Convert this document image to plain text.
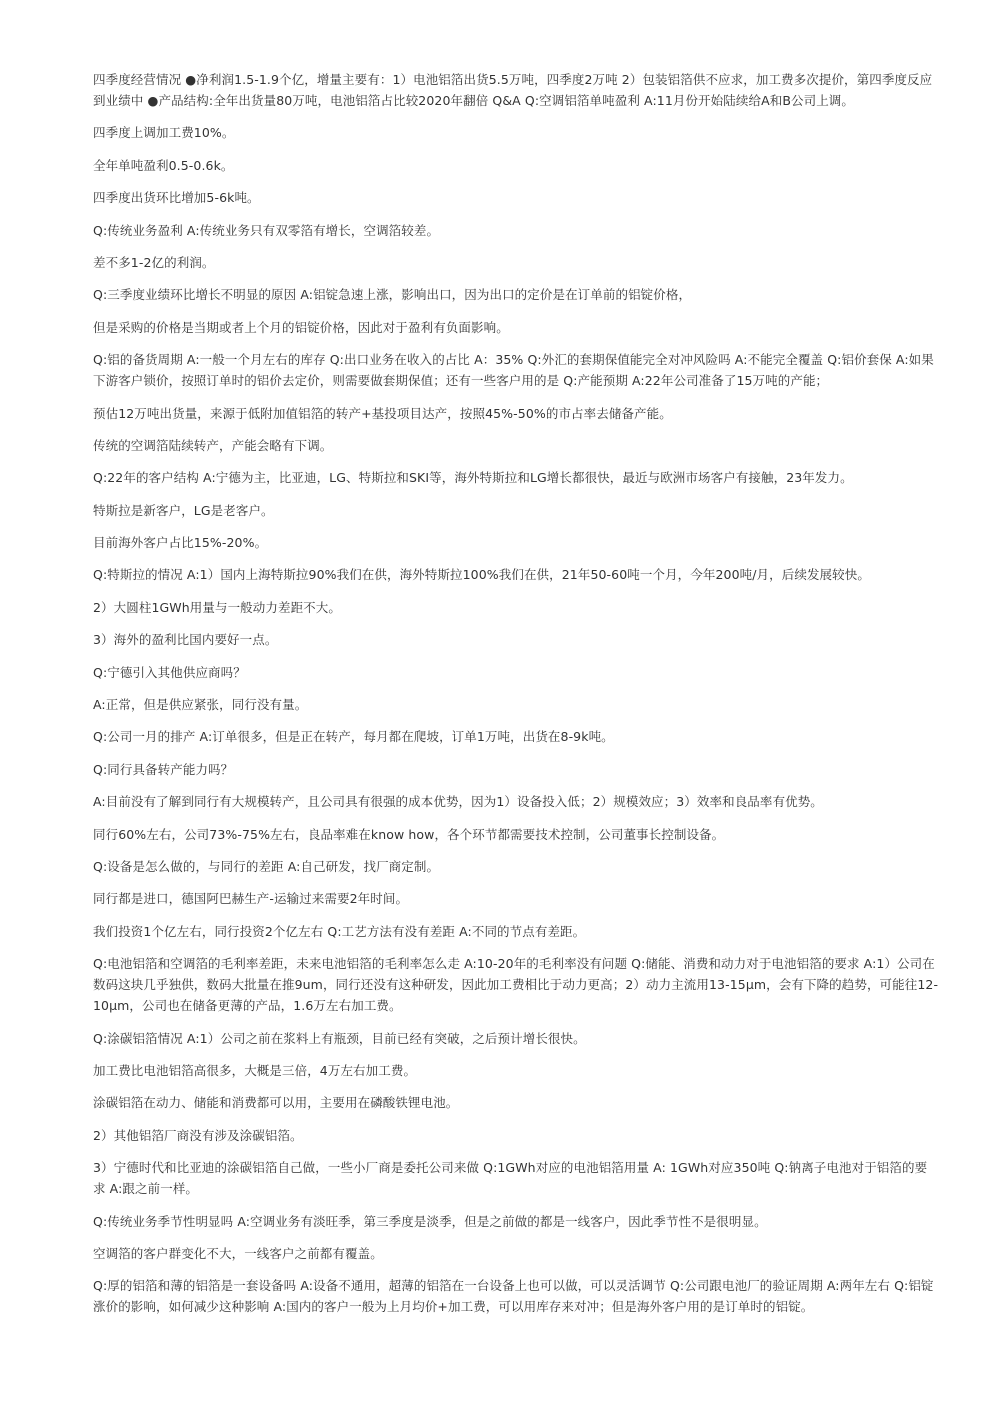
四季度经营情况 ●净利润1.5-1.9个亿，增量主要有：1）电池铝箔出货5.5万吨，四季度2万吨 2）包装铝箔供不应求，加工费多次提价，第四季度反应到业绩中 ●产品结构:全年出货量80万吨，电池铝箔占比较2020年翻倍 Q&A Q:空调铝箔单吨盈利 A:11月份开始陆续给A和B公司上调。

四季度上调加工费10%。

全年单吨盈利0.5-0.6k。

四季度出货环比增加5-6k吨。

Q:传统业务盈利 A:传统业务只有双零箔有增长，空调箔较差。

差不多1-2亿的利润。

Q:三季度业绩环比增长不明显的原因 A:铝锭急速上涨，影响出口，因为出口的定价是在订单前的铝锭价格，

但是采购的价格是当期或者上个月的铝锭价格，因此对于盈利有负面影响。

Q:铝的备货周期 A:一般一个月左右的库存 Q:出口业务在收入的占比 A：35% Q:外汇的套期保值能完全对冲风险吗 A:不能完全覆盖 Q:铝价套保 A:如果下游客户锁价，按照订单时的铝价去定价，则需要做套期保值；还有一些客户用的是 Q:产能预期 A:22年公司准备了15万吨的产能；

预估12万吨出货量，来源于低附加值铝箔的转产+基投项目达产，按照45%-50%的市占率去储备产能。

传统的空调箔陆续转产，产能会略有下调。

Q:22年的客户结构 A:宁德为主，比亚迪，LG、特斯拉和SKI等，海外特斯拉和LG增长都很快，最近与欧洲市场客户有接触，23年发力。

特斯拉是新客户，LG是老客户。

目前海外客户占比15%-20%。

Q:特斯拉的情况 A:1）国内上海特斯拉90%我们在供，海外特斯拉100%我们在供，21年50-60吨一个月，今年200吨/月，后续发展较快。

2）大圆柱1GWh用量与一般动力差距不大。

3）海外的盈利比国内要好一点。

Q:宁德引入其他供应商吗？

A:正常，但是供应紧张，同行没有量。

Q:公司一月的排产 A:订单很多，但是正在转产，每月都在爬坡，订单1万吨，出货在8-9k吨。

Q:同行具备转产能力吗？

A:目前没有了解到同行有大规模转产，且公司具有很强的成本优势，因为1）设备投入低；2）规模效应；3）效率和良品率有优势。

同行60%左右，公司73%-75%左右，良品率难在know how，各个环节都需要技术控制，公司董事长控制设备。

Q:设备是怎么做的，与同行的差距 A:自己研发，找厂商定制。

同行都是进口，德国阿巴赫生产-运输过来需要2年时间。

我们投资1个亿左右，同行投资2个亿左右 Q:工艺方法有没有差距 A:不同的节点有差距。

Q:电池铝箔和空调箔的毛利率差距，未来电池铝箔的毛利率怎么走 A:10-20年的毛利率没有问题 Q:储能、消费和动力对于电池铝箔的要求 A:1）公司在数码这块几乎独供，数码大批量在推9um，同行还没有这种研发，因此加工费相比于动力更高；2）动力主流用13-15μm，会有下降的趋势，可能往12-10μm，公司也在储备更薄的产品，1.6万左右加工费。

Q:涂碳铝箔情况 A:1）公司之前在浆料上有瓶颈，目前已经有突破，之后预计增长很快。

加工费比电池铝箔高很多，大概是三倍，4万左右加工费。

涂碳铝箔在动力、储能和消费都可以用，主要用在磷酸铁锂电池。

2）其他铝箔厂商没有涉及涂碳铝箔。

3）宁德时代和比亚迪的涂碳铝箔自己做，一些小厂商是委托公司来做 Q:1GWh对应的电池铝箔用量 A: 1GWh对应350吨 Q:钠离子电池对于铝箔的要求 A:跟之前一样。

Q:传统业务季节性明显吗 A:空调业务有淡旺季，第三季度是淡季，但是之前做的都是一线客户，因此季节性不是很明显。

空调箔的客户群变化不大，一线客户之前都有覆盖。

Q:厚的铝箔和薄的铝箔是一套设备吗 A:设备不通用，超薄的铝箔在一台设备上也可以做，可以灵活调节 Q:公司跟电池厂的验证周期 A:两年左右 Q:铝锭涨价的影响，如何减少这种影响 A:国内的客户一般为上月均价+加工费，可以用库存来对冲；但是海外客户用的是订单时的铝锭。
